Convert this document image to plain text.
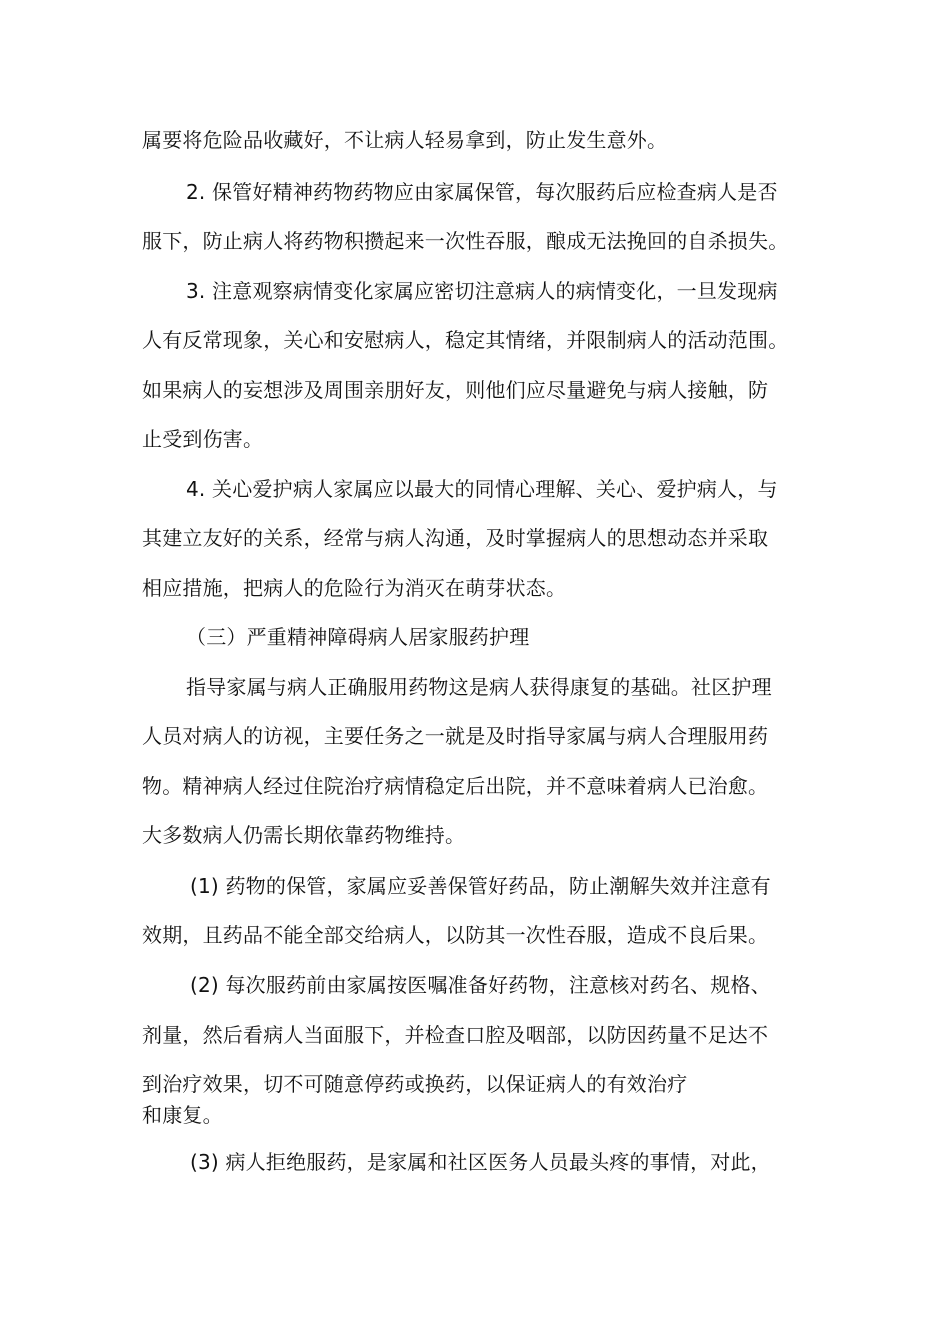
属要将危险品收藏好，不让病人轻易拿到，防止发生意外。
2. 保管好精神药物药物应由家属保管，每次服药后应检查病人是否
服下，防止病人将药物积攒起来一次性吞服，酿成无法挽回的自杀损失。
3. 注意观察病情变化家属应密切注意病人的病情变化，一旦发现病
人有反常现象，关心和安慰病人，稳定其情绪，并限制病人的活动范围。
如果病人的妄想涉及周围亲朋好友，则他们应尽量避免与病人接触，防
止受到伤害。
4. 关心爱护病人家属应以最大的同情心理解、关心、爱护病人，与
其建立友好的关系，经常与病人沟通，及时掌握病人的思想动态并采取
相应措施，把病人的危险行为消灭在萌芽状态。
（三）严重精神障碍病人居家服药护理
指导家属与病人正确服用药物这是病人获得康复的基础。社区护理
人员对病人的访视，主要任务之一就是及时指导家属与病人合理服用药
物。精神病人经过住院治疗病情稳定后出院，并不意味着病人已治愈。
大多数病人仍需长期依靠药物维持。
(1) 药物的保管，家属应妥善保管好药品，防止潮解失效并注意有
效期，且药品不能全部交给病人，以防其一次性吞服，造成不良后果。
(2) 每次服药前由家属按医嘱准备好药物，注意核对药名、规格、
剂量，然后看病人当面服下，并检查口腔及咽部，以防因药量不足达不
到治疗效果，切不可随意停药或换药，以保证病人的有效治疗
和康复。
(3) 病人拒绝服药，是家属和社区医务人员最头疼的事情，对此，
